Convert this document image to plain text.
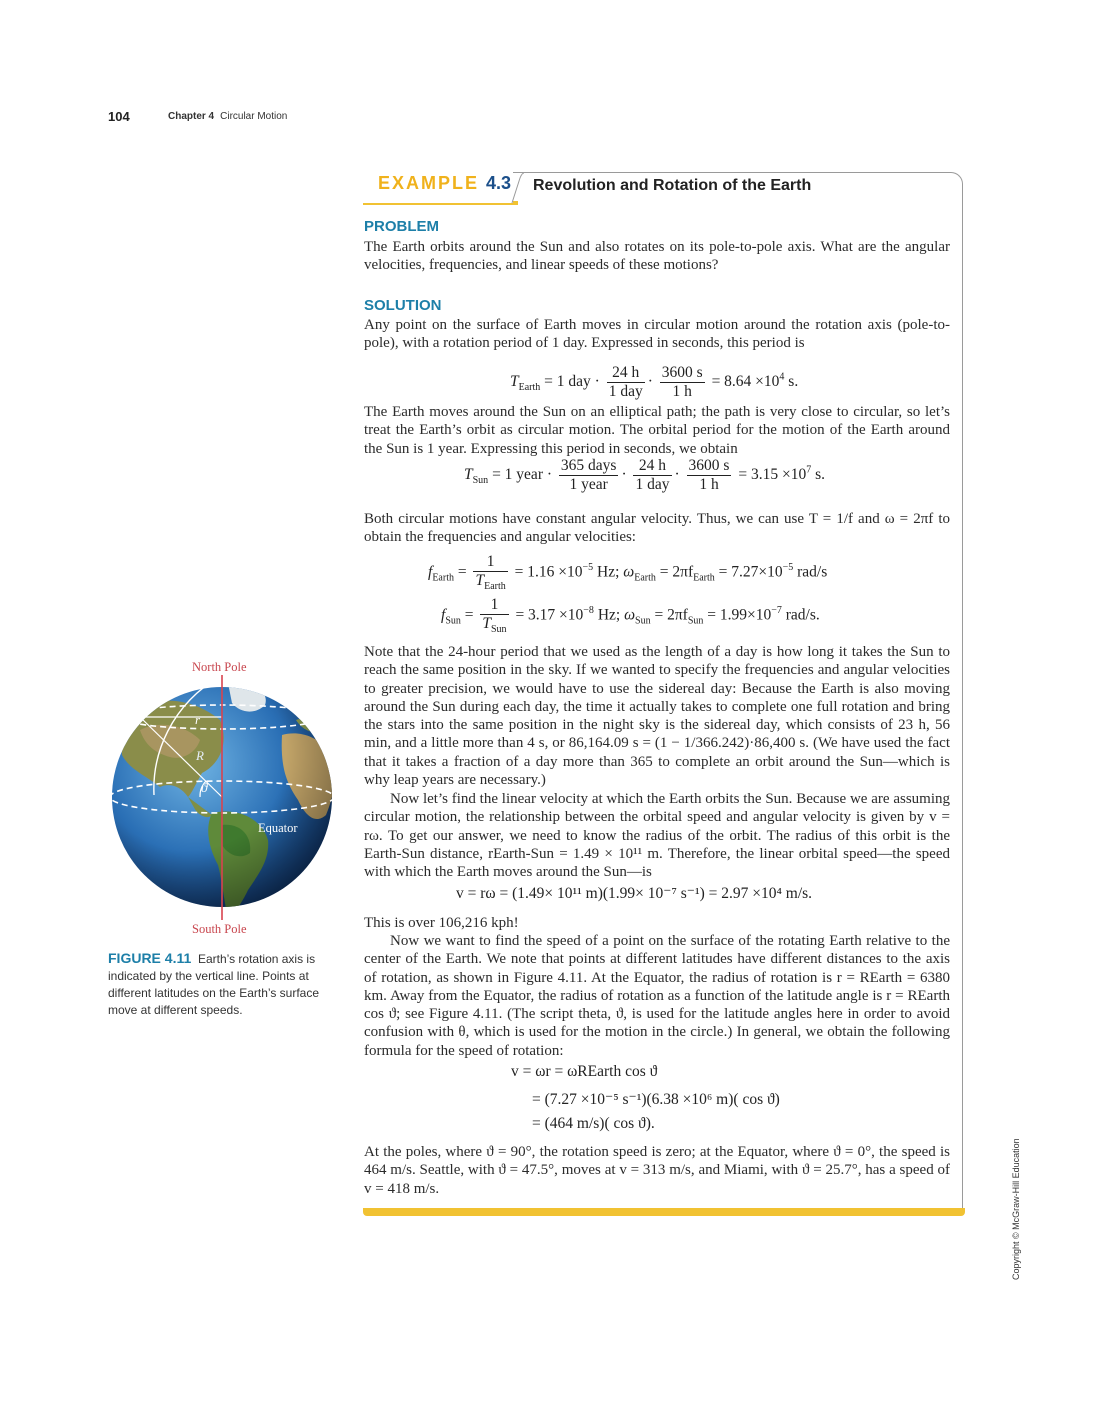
104	Chapter 4 Circular Motion
EXAMPLE 4.3 Revolution and Rotation of the Earth
PROBLEM
The Earth orbits around the Sun and also rotates on its pole-to-pole axis. What are the angular velocities, frequencies, and linear speeds of these motions?
SOLUTION
Any point on the surface of Earth moves in circular motion around the rotation axis (pole-to-pole), with a rotation period of 1 day. Expressed in seconds, this period is
$T_{Earth} = 1$ day · $\frac{24 h}{\text{1 day}} \cdot \frac{3600 s}{1 h} = 8.64 \times 10^4$ s.
The Earth moves around the Sun on an elliptical path; the path is very close to circular, so let’s treat the Earth’s orbit as circular motion. The orbital period for the motion of the Earth around the Sun is 1 year. Expressing this period in seconds, we obtain
$T_{Sun} = 1$ year · $\frac{\text{365 days}}{\text{1 year}} \cdot \frac{24 h}{\text{1 day}} \cdot \frac{3600 s}{1 h} = 3.15 \times 10^7$ s.
Both circular motions have constant angular velocity. Thus, we can use T = 1/f and ω = 2πf to obtain the frequencies and angular velocities:
$f_{Earth} = \frac{1}{T_{Earth}} = 1.16 \times 10^{-5}$ Hz; $\omega_{Earth} = 2\pi f_{Earth} = 7.27\times 10^{-5}$ rad/s
$f_{Sun} = \frac{1}{T_{Sun}} = 3.17 \times 10^{-8}$ Hz; $\omega_{Sun} = 2\pi f_{Sun} = 1.99\times 10^{-7}$ rad/s.
Note that the 24-hour period that we used as the length of a day is how long it takes the Sun to reach the same position in the sky. If we wanted to specify the frequencies and angular velocities to greater precision, we would have to use the sidereal day: Because the Earth is also moving around the Sun during each day, the time it actually takes to complete one full rotation and bring the stars into the same position in the night sky is the sidereal day, which consists of 23 h, 56 min, and a little more than 4 s, or 86,164.09 s = (1 − 1/366.242)·86,400 s. (We have used the fact that it takes a fraction of a day more than 365 to complete an orbit around the Sun—which is why leap years are necessary.)
Now let’s find the linear velocity at which the Earth orbits the Sun. Because we are assuming circular motion, the relationship between the orbital speed and angular velocity is given by v = rω. To get our answer, we need to know the radius of the orbit. The radius of this orbit is the Earth-Sun distance, rEarth-Sun = 1.49 × 10¹¹ m. Therefore, the linear orbital speed—the speed with which the Earth moves around the Sun—is
v = rω = (1.49× 10¹¹ m)(1.99× 10⁻⁷ s⁻¹) = 2.97 ×10⁴ m/s.
This is over 106,216 kph!
Now we want to find the speed of a point on the surface of the rotating Earth relative to the center of the Earth. We note that points at different latitudes have different distances to the axis of rotation, as shown in Figure 4.11. At the Equator, the radius of rotation is r = REarth = 6380 km. Away from the Equator, the radius of rotation as a function of the latitude angle is r = REarth cos ϑ; see Figure 4.11. (The script theta, ϑ, is used for the latitude angles here in order to avoid confusion with θ, which is used for the motion in the circle.) In general, we obtain the following formula for the speed of rotation:
v = ωr = ωREarth cos ϑ
= (7.27 ×10⁻⁵ s⁻¹)(6.38 ×10⁶ m)( cos ϑ)
= (464 m/s)( cos ϑ).
At the poles, where ϑ = 90°, the rotation speed is zero; at the Equator, where ϑ = 0°, the speed is 464 m/s. Seattle, with ϑ = 47.5°, moves at v = 313 m/s, and Miami, with ϑ = 25.7°, has a speed of v = 418 m/s.
North Pole
South Pole
r
R
ϑ
Equator
FIGURE 4.11 Earth’s rotation axis is indicated by the vertical line. Points at different latitudes on the Earth’s surface move at different speeds.
Copyright © McGraw-Hill Education
